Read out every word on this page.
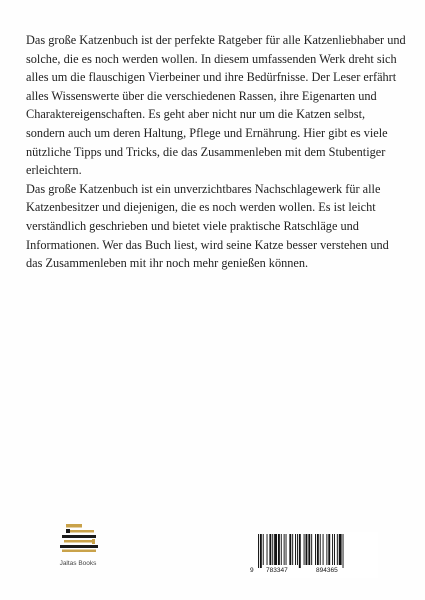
Das große Katzenbuch ist der perfekte Ratgeber für alle Katzenliebhaber und solche, die es noch werden wollen. In diesem umfassenden Werk dreht sich alles um die flauschigen Vierbeiner und ihre Bedürfnisse. Der Leser erfährt alles Wissenswerte über die verschiedenen Rassen, ihre Eigenarten und Charaktereigenschaften. Es geht aber nicht nur um die Katzen selbst, sondern auch um deren Haltung, Pflege und Ernährung. Hier gibt es viele nützliche Tipps und Tricks, die das Zusammenleben mit dem Stubentiger erleichtern.

Das große Katzenbuch ist ein unverzichtbares Nachschlagewerk für alle Katzenbesitzer und diejenigen, die es noch werden wollen. Es ist leicht verständlich geschrieben und bietet viele praktische Ratschläge und Informationen. Wer das Buch liest, wird seine Katze besser verstehen und das Zusammenleben mit ihr noch mehr genießen können.

Jaltas Books
9 783347	894365
